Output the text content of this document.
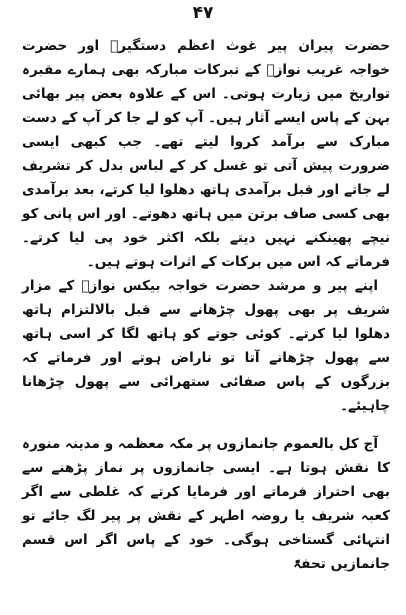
۴۷

حضرت پیران پیر غوث اعظم دستگیرؒ اور حضرت خواجہ غریب نوازؒ کے تبرکات مبارکہ بھی ہمارے مقبرہ تواریخ میں زیارت ہوتی۔ اس کے علاوہ بعض پیر بھائی بہن کے پاس ایسے آثار ہیں۔ آپ کو لے جا کر آپ کے دست مبارک سے برآمد کروا لیتے تھے۔ جب کبھی ایسی ضرورت پیش آتی تو غسل کر کے لباس بدل کر تشریف لے جاتے اور قبل برآمدی ہاتھ دھلوا لیا کرتے، بعد برآمدی بھی کسی صاف برتن میں ہاتھ دھوتے۔ اور اس پانی کو نیچے پھینکنے نہیں دیتے بلکہ اکثر خود پی لیا کرتے۔ فرماتے کہ اس میں برکات کے اثرات ہوتے ہیں۔

اپنے پیر و مرشد حضرت خواجہ بیکس نوازؒ کے مزار شریف پر بھی پھول چڑھانے سے قبل بالالتزام ہاتھ دھلوا لیا کرتے۔ کوئی جوتے کو ہاتھ لگا کر اسی ہاتھ سے پھول چڑھانے آتا تو ناراض ہوتے اور فرماتے کہ بزرگوں کے پاس صفائی ستھرائی سے پھول چڑھانا چاہیئے۔

آج کل بالعموم جانمازوں پر مکہ معظمہ و مدینہ منورہ کا نقش ہوتا ہے۔ ایسی جانمازوں پر نماز پڑھنے سے بھی احتراز فرماتے اور فرمایا کرتے کہ غلطی سے اگر کعبہ شریف یا روضہ اطہر کے نقش پر پیر لگ جائے تو انتہائی گستاخی ہوگی۔ خود کے پاس اگر اس قسم جانمازیں تحفۃً
